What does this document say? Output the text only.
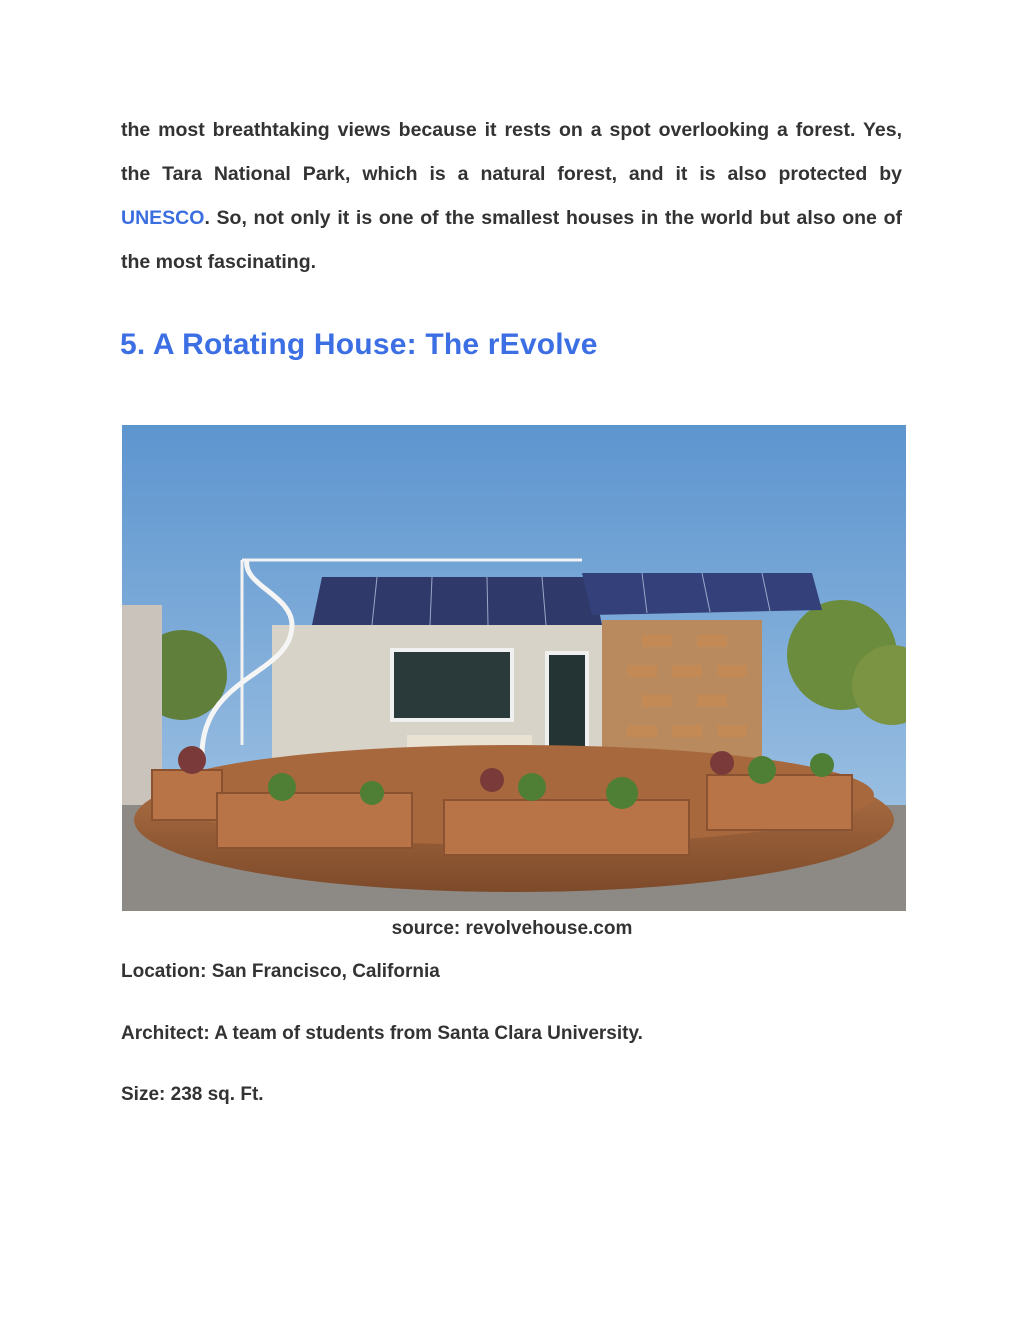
the most breathtaking views because it rests on a spot overlooking a forest. Yes, the Tara National Park, which is a natural forest, and it is also protected by UNESCO. So, not only it is one of the smallest houses in the world but also one of the most fascinating.

5. A Rotating House: The rEvolve
source: revolvehouse.com
Location: San Francisco, California
Architect: A team of students from Santa Clara University.
Size: 238 sq. Ft.
